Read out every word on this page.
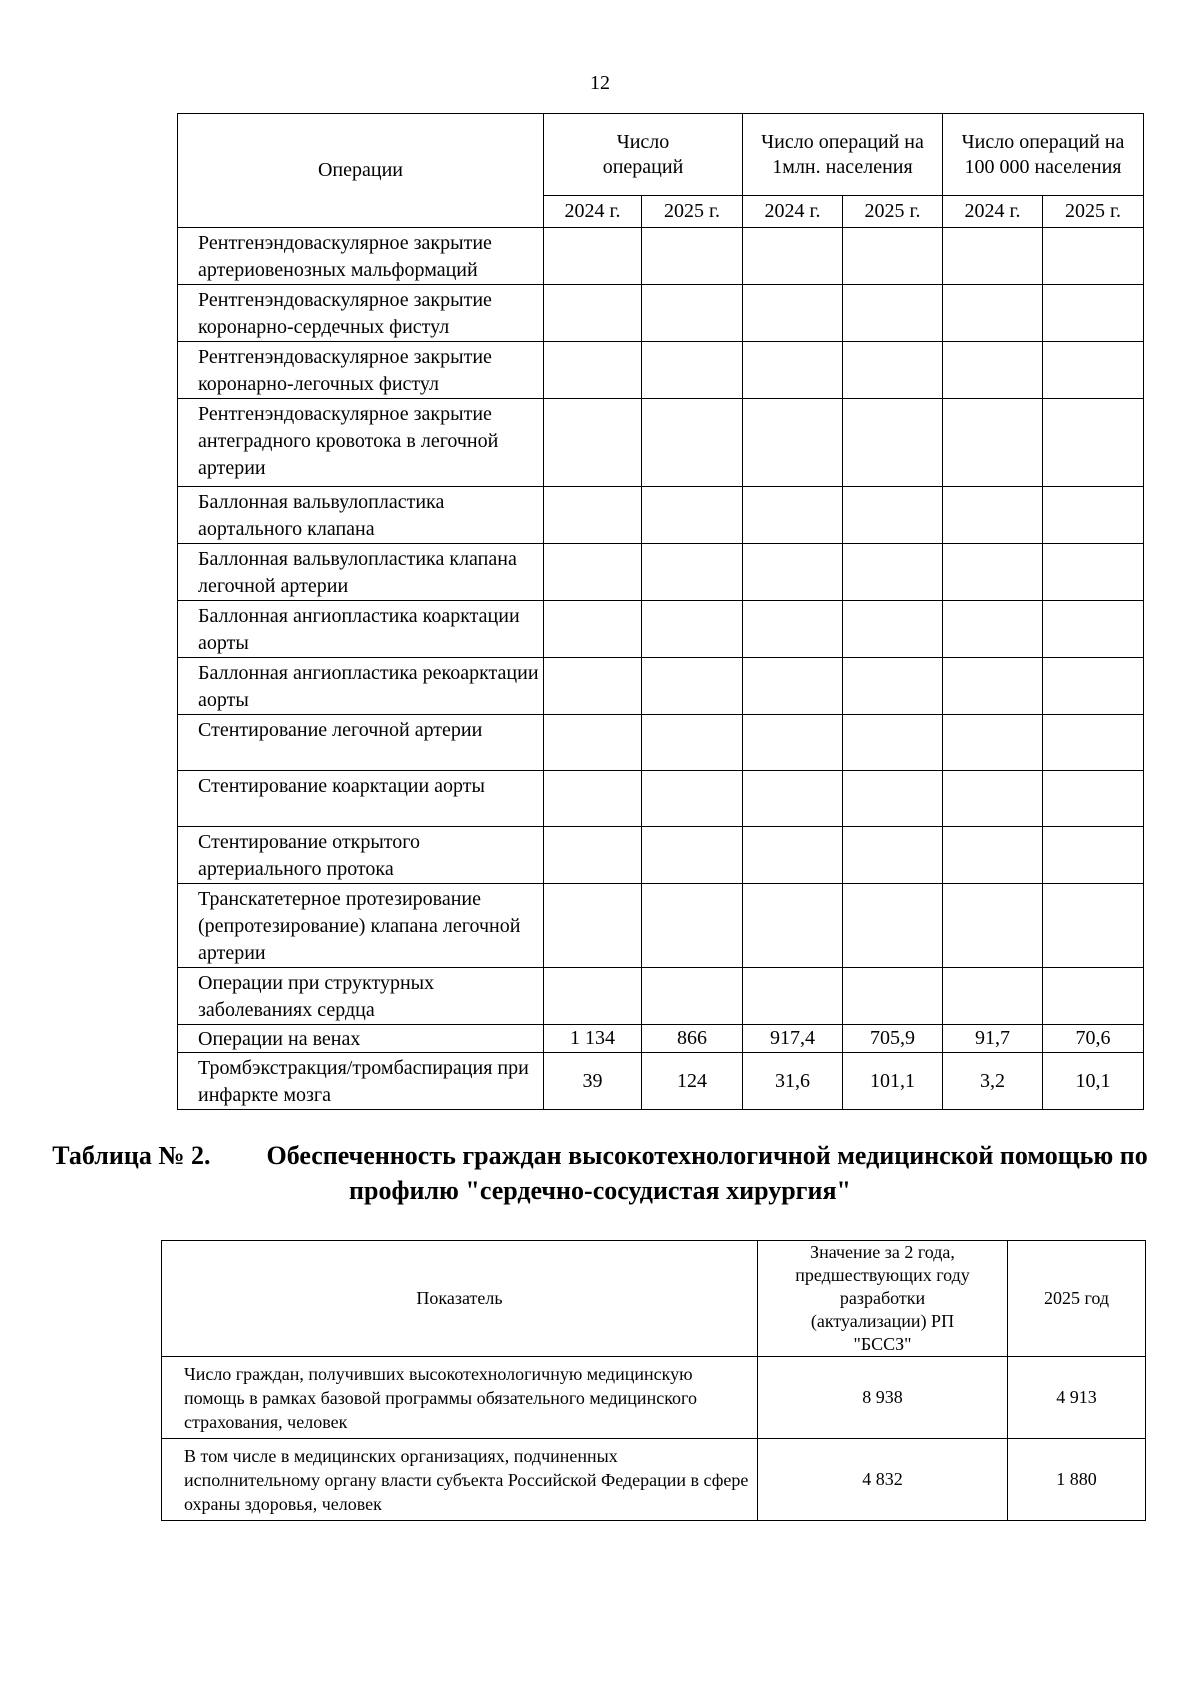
12
Операции	Число операций		Число операций на 1млн. населения		Число операций на 100 000 населения	
	2024 г.	2025 г.	2024 г.	2025 г.	2024 г.	2025 г.
Рентгенэндоваскулярное закрытие артериовенозных мальформаций						
Рентгенэндоваскулярное закрытие коронарно-сердечных фистул						
Рентгенэндоваскулярное закрытие коронарно-легочных фистул						
Рентгенэндоваскулярное закрытие антеградного кровотока в легочной артерии						
Баллонная вальвулопластика аортального клапана						
Баллонная вальвулопластика клапана легочной артерии						
Баллонная ангиопластика коарктации аорты						
Баллонная ангиопластика рекоарктации аорты						
Стентирование легочной артерии						
Стентирование коарктации аорты						
Стентирование открытого артериального протока						
Транскатетерное протезирование (репротезирование) клапана легочной артерии						
Операции при структурных заболеваниях сердца						
Операции на венах	1 134	866	917,4	705,9	91,7	70,6
Тромбэкстракция/тромбаспирация при инфаркте мозга	39	124	31,6	101,1	3,2	10,1
Таблица № 2. Обеспеченность граждан высокотехнологичной медицинской помощью по профилю "сердечно-сосудистая хирургия"
Показатель	Значение за 2 года, предшествующих году разработки (актуализации) РП "БССЗ"	2025 год
Число граждан, получивших высокотехнологичную медицинскую помощь в рамках базовой программы обязательного медицинского страхования, человек	8 938	4 913
В том числе в медицинских организациях, подчиненных исполнительному органу власти субъекта Российской Федерации в сфере охраны здоровья, человек	4 832	1 880
